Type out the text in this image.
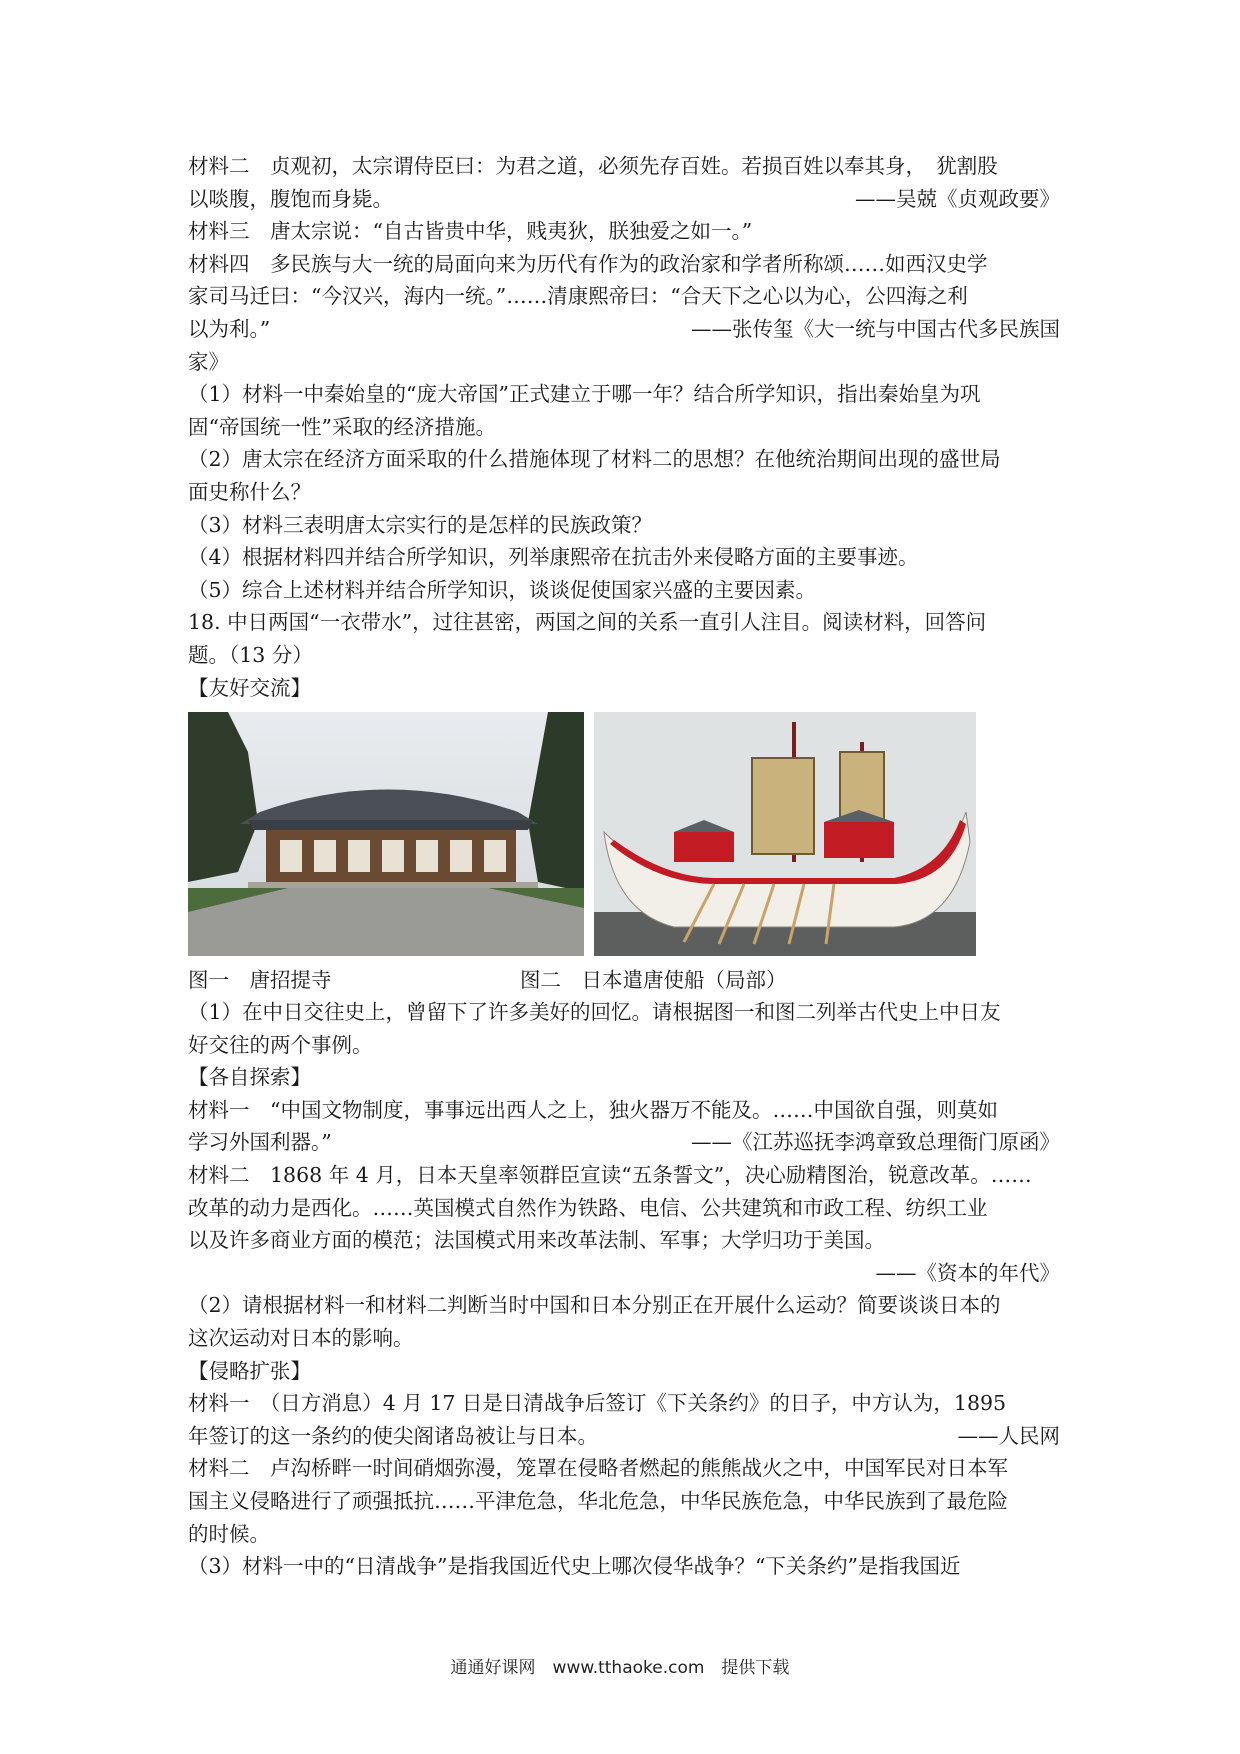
材料二　贞观初，太宗谓侍臣曰：为君之道，必须先存百姓。若损百姓以奉其身，　犹割股

以啖腹，腹饱而身毙。	——吴兢《贞观政要》

材料三　唐太宗说：“自古皆贵中华，贱夷狄，朕独爱之如一。”

材料四　多民族与大一统的局面向来为历代有作为的政治家和学者所称颂……如西汉史学

家司马迁曰：“今汉兴，海内一统。”……清康熙帝曰：“合天下之心以为心，公四海之利

以为利。”	——张传玺《大一统与中国古代多民族国

家》

（1）材料一中秦始皇的“庞大帝国”正式建立于哪一年？结合所学知识，指出秦始皇为巩

固“帝国统一性”采取的经济措施。

（2）唐太宗在经济方面采取的什么措施体现了材料二的思想？在他统治期间出现的盛世局

面史称什么？

（3）材料三表明唐太宗实行的是怎样的民族政策？

（4）根据材料四并结合所学知识，列举康熙帝在抗击外来侵略方面的主要事迹。

（5）综合上述材料并结合所学知识，谈谈促使国家兴盛的主要因素。

18. 中日两国“一衣带水”，过往甚密，两国之间的关系一直引人注目。阅读材料，回答问

题。（13 分）

【友好交流】

图一　唐招提寺	图二　日本遣唐使船（局部）

（1）在中日交往史上，曾留下了许多美好的回忆。请根据图一和图二列举古代史上中日友

好交往的两个事例。

【各自探索】

材料一　“中国文物制度，事事远出西人之上，独火器万不能及。……中国欲自强，则莫如

学习外国利器。”	——《江苏巡抚李鸿章致总理衙门原函》

材料二　1868 年 4 月，日本天皇率领群臣宣读“五条誓文”，决心励精图治，锐意改革。……

改革的动力是西化。……英国模式自然作为铁路、电信、公共建筑和市政工程、纺织工业

以及许多商业方面的模范；法国模式用来改革法制、军事；大学归功于美国。

——《资本的年代》

（2）请根据材料一和材料二判断当时中国和日本分别正在开展什么运动？简要谈谈日本的

这次运动对日本的影响。

【侵略扩张】

材料一　（日方消息）4 月 17 日是日清战争后签订《下关条约》的日子，中方认为，1895

年签订的这一条约的使尖阁诸岛被让与日本。	——人民网

材料二　卢沟桥畔一时间硝烟弥漫，笼罩在侵略者燃起的熊熊战火之中，中国军民对日本军

国主义侵略进行了顽强抵抗……平津危急，华北危急，中华民族危急，中华民族到了最危险

的时候。

（3）材料一中的“日清战争”是指我国近代史上哪次侵华战争？“下关条约”是指我国近

通通好课网　www.tthaoke.com　提供下载
